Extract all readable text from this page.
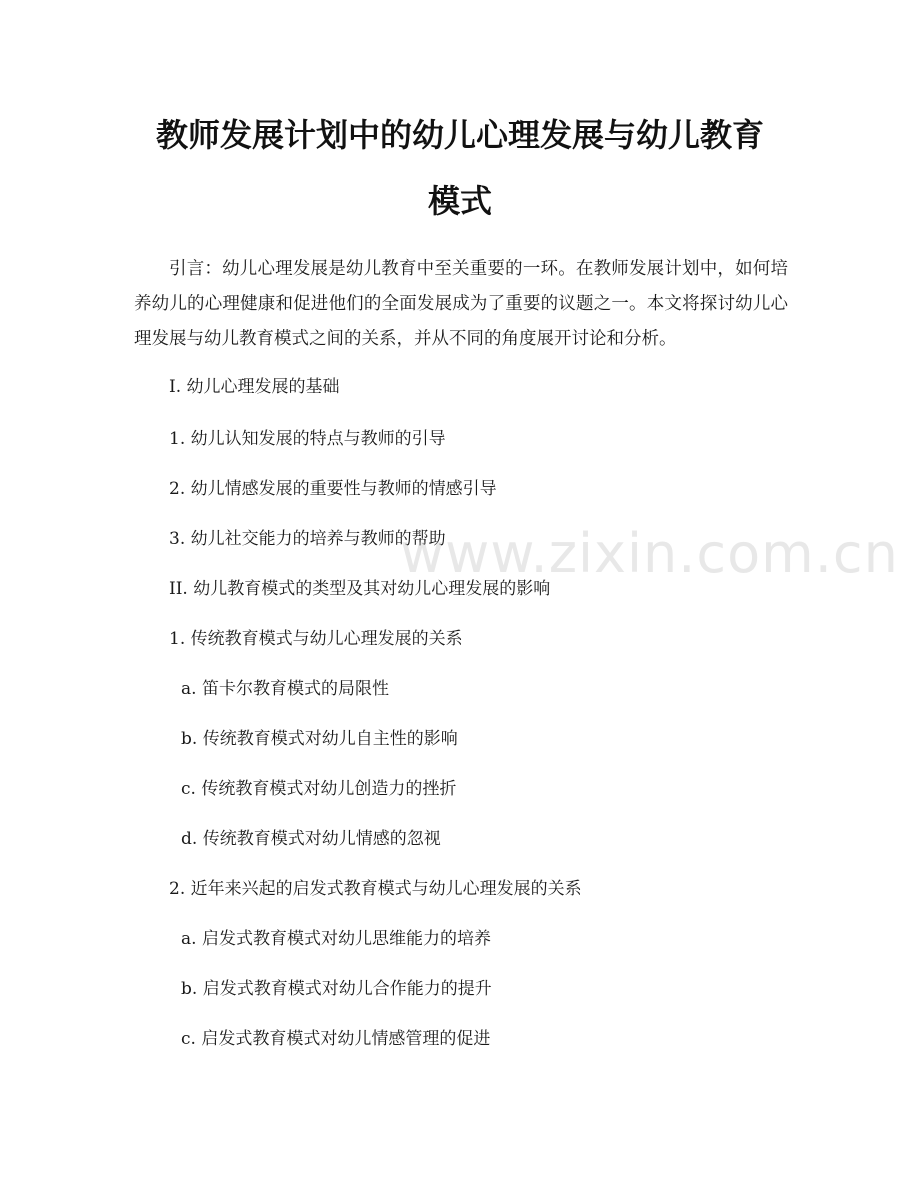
教师发展计划中的幼儿心理发展与幼儿教育
模式

引言：幼儿心理发展是幼儿教育中至关重要的一环。在教师发展计划中，如何培养幼儿的心理健康和促进他们的全面发展成为了重要的议题之一。本文将探讨幼儿心理发展与幼儿教育模式之间的关系，并从不同的角度展开讨论和分析。

I. 幼儿心理发展的基础

1. 幼儿认知发展的特点与教师的引导

2. 幼儿情感发展的重要性与教师的情感引导

3. 幼儿社交能力的培养与教师的帮助

II. 幼儿教育模式的类型及其对幼儿心理发展的影响

1. 传统教育模式与幼儿心理发展的关系

a. 笛卡尔教育模式的局限性

b. 传统教育模式对幼儿自主性的影响

c. 传统教育模式对幼儿创造力的挫折

d. 传统教育模式对幼儿情感的忽视

2. 近年来兴起的启发式教育模式与幼儿心理发展的关系

a. 启发式教育模式对幼儿思维能力的培养

b. 启发式教育模式对幼儿合作能力的提升

c. 启发式教育模式对幼儿情感管理的促进

www.zixin.com.cn
